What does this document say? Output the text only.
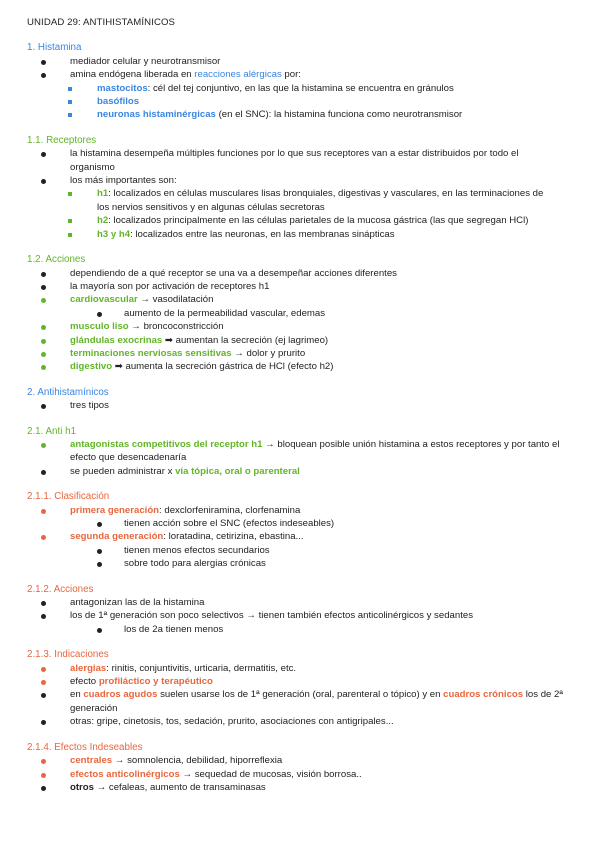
UNIDAD 29: ANTIHISTAMÍNICOS
1. Histamina
mediador celular y neurotransmisor
amina endógena liberada en reacciones alérgicas por:
mastocitos: cél del tej conjuntivo, en las que la histamina se encuentra en gránulos
basófilos
neuronas histaminérgicas (en el SNC): la histamina funciona como neurotransmisor
1.1. Receptores
la histamina desempeña múltiples funciones por lo que sus receptores van a estar distribuidos por todo el
organismo
los más importantes son:
h1: localizados en células musculares lisas bronquiales, digestivas y vasculares, en las terminaciones de
los nervios sensitivos y en algunas células secretoras
h2: localizados principalmente en las células parietales de la mucosa gástrica (las que segregan HCl)
h3 y h4: localizados entre las neuronas, en las membranas sinápticas
1.2. Acciones
dependiendo de a qué receptor se una va a desempeñar acciones diferentes
la mayoría son por activación de receptores h1
cardiovascular → vasodilatación
aumento de la permeabilidad vascular, edemas
musculo liso → broncoconstricción
glándulas exocrinas ➡ aumentan la secreción (ej lagrimeo)
terminaciones nerviosas sensitivas → dolor y prurito
digestivo ➡ aumenta la secreción gástrica de HCl (efecto h2)
2. Antihistamínicos
tres tipos
2.1. Anti h1
antagonistas competitivos del receptor h1 → bloquean posible unión histamina a estos receptores y por tanto el
efecto que desencadenaría
se pueden administrar x vía tópica, oral o parenteral
2.1.1. Clasificación
primera generación: dexclorfeniramina, clorfenamina
tienen acción sobre el SNC (efectos indeseables)
segunda generación: loratadina, cetirizina, ebastina...
tienen menos efectos secundarios
sobre todo para alergias crónicas
2.1.2. Acciones
antagonizan las de la histamina
los de 1ª generación son poco selectivos → tienen también efectos anticolinérgicos y sedantes
los de 2a tienen menos
2.1.3. Indicaciones
alergias: rinitis, conjuntivitis, urticaria, dermatitis, etc.
efecto profiláctico y terapéutico
en cuadros agudos suelen usarse los de 1ª generación (oral, parenteral o tópico) y en cuadros crónicos los de 2ª
generación
otras: gripe, cinetosis, tos, sedación, prurito, asociaciones con antigripales...
2.1.4. Efectos Indeseables
centrales → somnolencia, debilidad, hiporreflexia
efectos anticolinérgicos → sequedad de mucosas, visión borrosa..
otros → cefaleas, aumento de transaminasas
